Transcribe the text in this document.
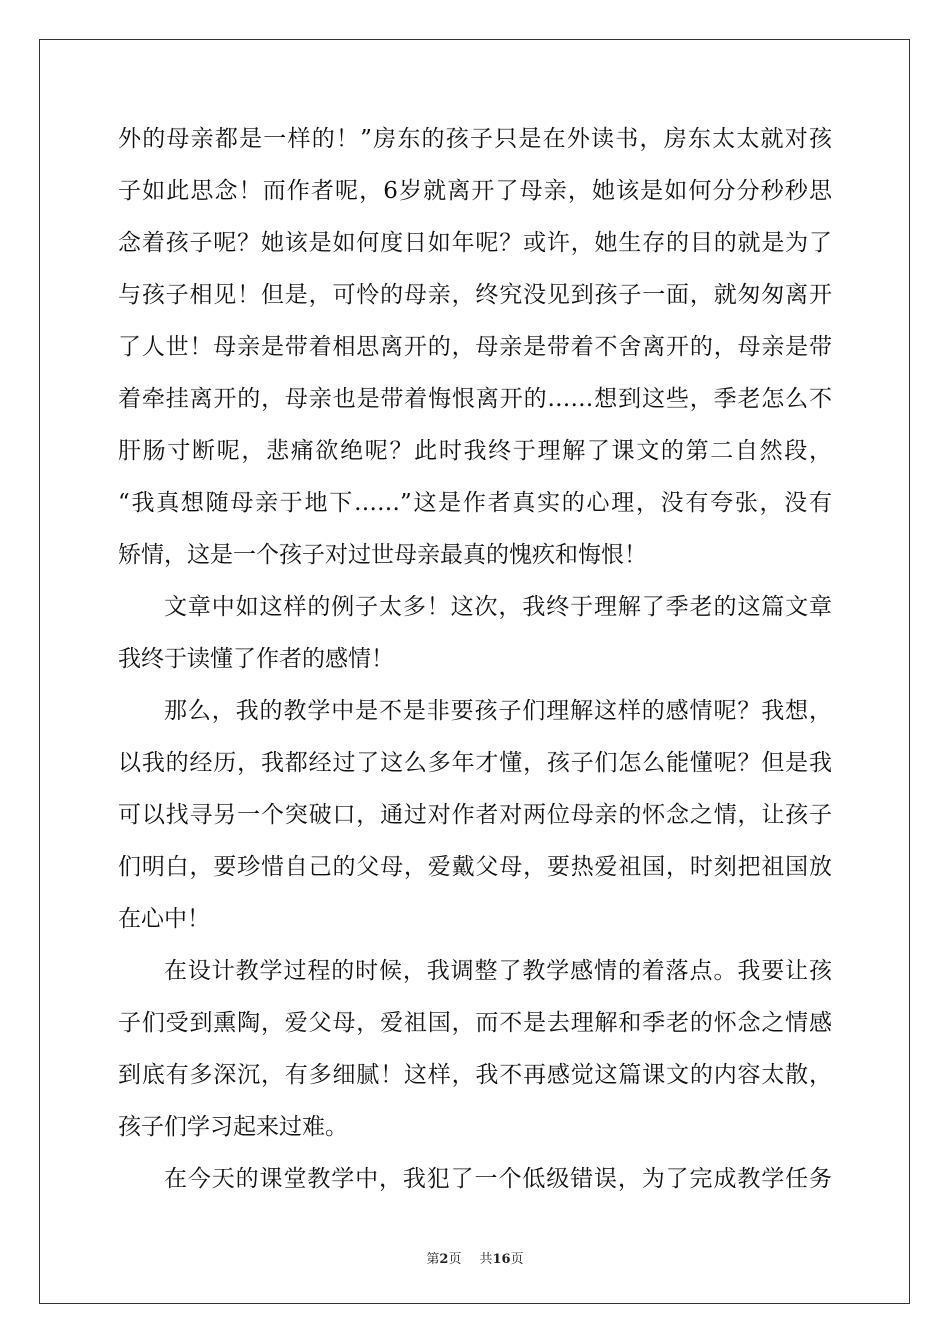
外的母亲都是一样的！”房东的孩子只是在外读书，房东太太就对孩
子如此思念！而作者呢，6岁就离开了母亲，她该是如何分分秒秒思
念着孩子呢？她该是如何度日如年呢？或许，她生存的目的就是为了
与孩子相见！但是，可怜的母亲，终究没见到孩子一面，就匆匆离开
了人世！母亲是带着相思离开的，母亲是带着不舍离开的，母亲是带
着牵挂离开的，母亲也是带着悔恨离开的……想到这些，季老怎么不
肝肠寸断呢，悲痛欲绝呢？此时我终于理解了课文的第二自然段，
“我真想随母亲于地下……”这是作者真实的心理，没有夸张，没有
矫情，这是一个孩子对过世母亲最真的愧疚和悔恨！
文章中如这样的例子太多！这次，我终于理解了季老的这篇文章
我终于读懂了作者的感情！
那么，我的教学中是不是非要孩子们理解这样的感情呢？我想，
以我的经历，我都经过了这么多年才懂，孩子们怎么能懂呢？但是我
可以找寻另一个突破口，通过对作者对两位母亲的怀念之情，让孩子
们明白，要珍惜自己的父母，爱戴父母，要热爱祖国，时刻把祖国放
在心中！
在设计教学过程的时候，我调整了教学感情的着落点。我要让孩
子们受到熏陶，爱父母，爱祖国，而不是去理解和季老的怀念之情感
到底有多深沉，有多细腻！这样，我不再感觉这篇课文的内容太散，
孩子们学习起来过难。
在今天的课堂教学中，我犯了一个低级错误，为了完成教学任务
第2页 共16页
